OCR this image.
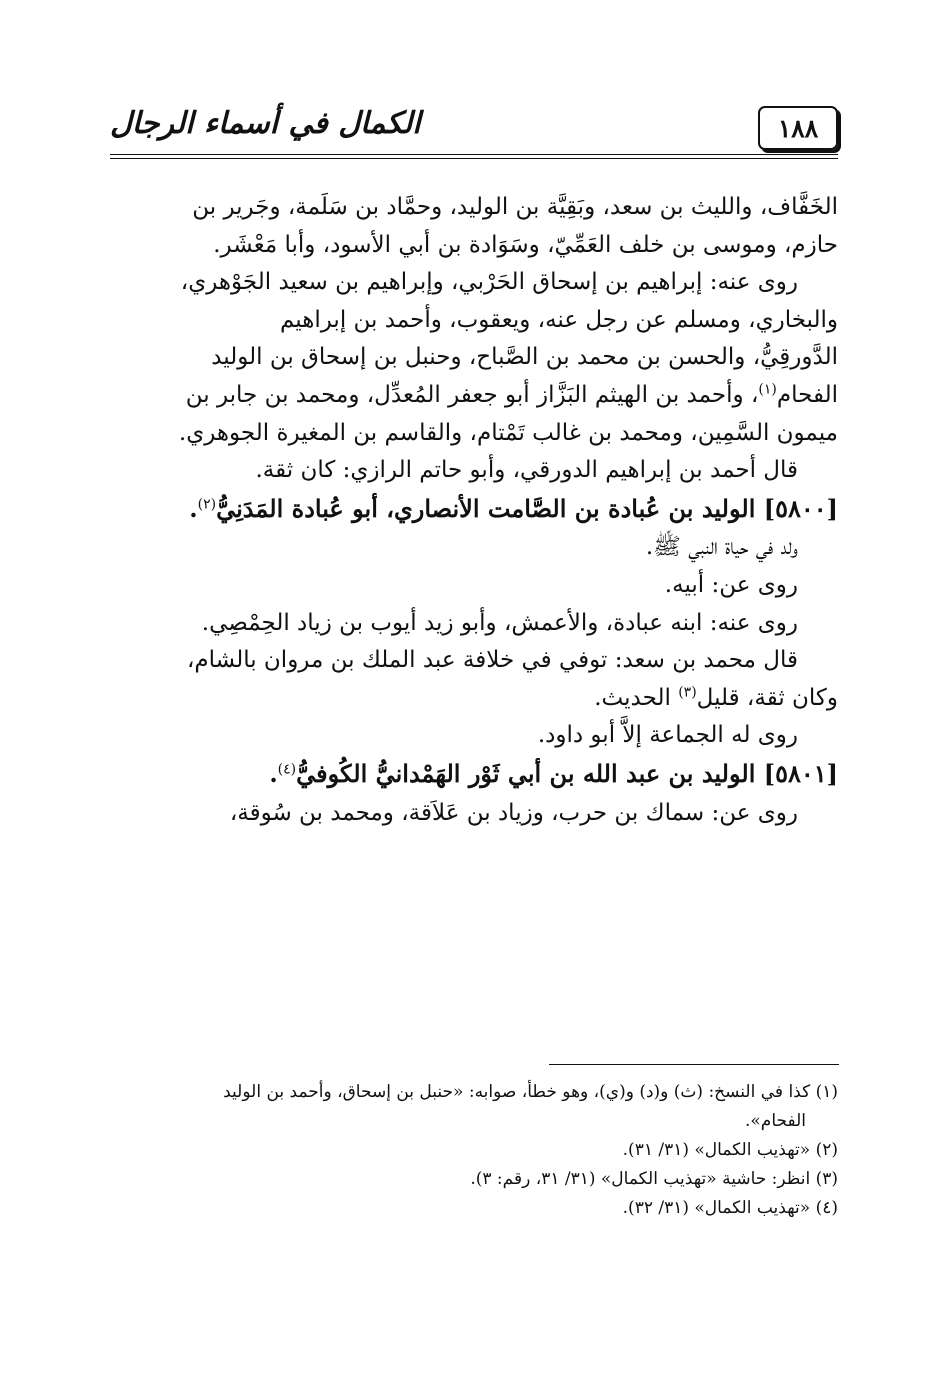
١٨٨
الكمال في أسماء الرجال

الخَفَّاف، والليث بن سعد، وبَقِيَّة بن الوليد، وحمَّاد بن سَلَمة، وجَرير بن

حازم، وموسى بن خلف العَمِّيّ، وسَوَادة بن أبي الأسود، وأبا مَعْشَر.

روى عنه: إبراهيم بن إسحاق الحَرْبي، وإبراهيم بن سعيد الجَوْهري،

والبخاري، ومسلم عن رجل عنه، ويعقوب، وأحمد بن إبراهيم

الدَّورقِيُّ، والحسن بن محمد بن الصَّباح، وحنبل بن إسحاق بن الوليد

الفحام$^{(١)}$، وأحمد بن الهيثم البَزَّاز أبو جعفر المُعدِّل، ومحمد بن جابر بن

ميمون السَّمِين، ومحمد بن غالب تَمْتام، والقاسم بن المغيرة الجوهري.

قال أحمد بن إبراهيم الدورقي، وأبو حاتم الرازي: كان ثقة.

[٥٨٠٠] الوليد بن عُبادة بن الصَّامت الأنصاري، أبو عُبادة المَدَنِيُّ$^{(٢)}$.

ولد في حياة النبي ﷺ.

روى عن: أبيه.

روى عنه: ابنه عبادة، والأعمش، وأبو زيد أيوب بن زياد الحِمْصِي.

قال محمد بن سعد: توفي في خلافة عبد الملك بن مروان بالشام،

وكان ثقة، قليل$^{(٣)}$ الحديث.

روى له الجماعة إلاَّ أبو داود.

[٥٨٠١] الوليد بن عبد الله بن أبي ثَوْر الهَمْدانيُّ الكُوفيُّ$^{(٤)}$.

روى عن: سماك بن حرب، وزياد بن عَلاَقة، ومحمد بن سُوقة،

(١) كذا في النسخ: (ث) و(د) و(ي)، وهو خطأ، صوابه: «حنبل بن إسحاق، وأحمد بن الوليد

الفحام».

(٢) «تهذيب الكمال» (٣١/ ٣١).

(٣) انظر: حاشية «تهذيب الكمال» (٣١/ ٣١، رقم: ٣).

(٤) «تهذيب الكمال» (٣١/ ٣٢).
